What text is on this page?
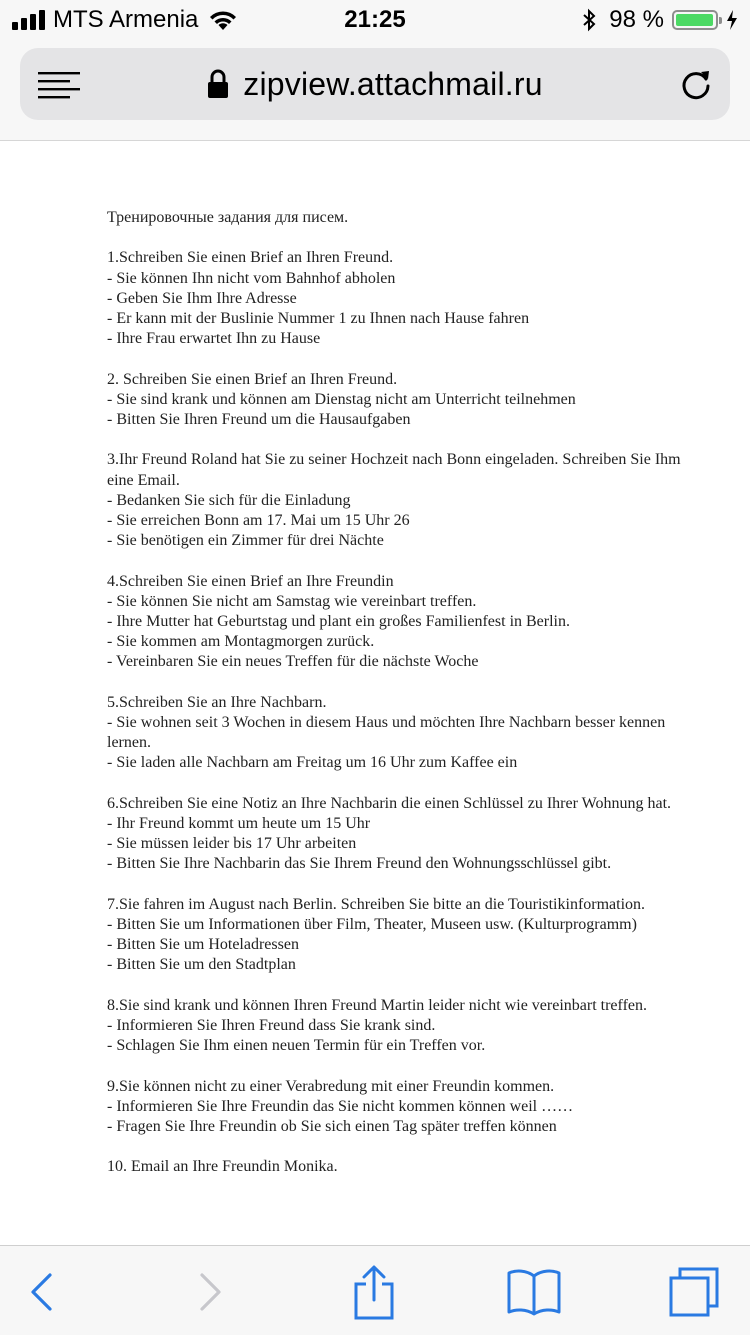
MTS Armenia	21:25	98 %
zipview.attachmail.ru
Тренировочные задания для писем.
1.Schreiben Sie einen Brief an Ihren Freund.
- Sie können Ihn nicht vom Bahnhof abholen
- Geben Sie Ihm Ihre Adresse
- Er kann mit der Buslinie Nummer 1 zu Ihnen nach Hause fahren
- Ihre Frau erwartet Ihn zu Hause
2. Schreiben Sie einen Brief an Ihren Freund.
- Sie sind krank und können am Dienstag nicht am Unterricht teilnehmen
- Bitten Sie Ihren Freund um die Hausaufgaben
3.Ihr Freund Roland hat Sie zu seiner Hochzeit nach Bonn eingeladen. Schreiben Sie Ihm eine Email.
- Bedanken Sie sich für die Einladung
- Sie erreichen Bonn am 17. Mai um 15 Uhr 26
- Sie benötigen ein Zimmer für drei Nächte
4.Schreiben Sie einen Brief an Ihre Freundin
- Sie können Sie nicht am Samstag wie vereinbart treffen.
- Ihre Mutter hat Geburtstag und plant ein großes Familienfest in Berlin.
- Sie kommen am Montagmorgen zurück.
- Vereinbaren Sie ein neues Treffen für die nächste Woche
5.Schreiben Sie an Ihre Nachbarn.
- Sie wohnen seit 3 Wochen in diesem Haus und möchten Ihre Nachbarn besser kennen lernen.
- Sie laden alle Nachbarn am Freitag um 16 Uhr zum Kaffee ein
6.Schreiben Sie eine Notiz an Ihre Nachbarin die einen Schlüssel zu Ihrer Wohnung hat.
- Ihr Freund kommt um heute um 15 Uhr
- Sie müssen leider bis 17 Uhr arbeiten
- Bitten Sie Ihre Nachbarin das Sie Ihrem Freund den Wohnungsschlüssel gibt.
7.Sie fahren im August nach Berlin. Schreiben Sie bitte an die Touristikinformation.
- Bitten Sie um Informationen über Film, Theater, Museen usw. (Kulturprogramm)
- Bitten Sie um Hoteladressen
- Bitten Sie um den Stadtplan
8.Sie sind krank und können Ihren Freund Martin leider nicht wie vereinbart treffen.
- Informieren Sie Ihren Freund dass Sie krank sind.
- Schlagen Sie Ihm einen neuen Termin für ein Treffen vor.
9.Sie können nicht zu einer Verabredung mit einer Freundin kommen.
- Informieren Sie Ihre Freundin das Sie nicht kommen können weil ……
- Fragen Sie Ihre Freundin ob Sie sich einen Tag später treffen können
10. Email an Ihre Freundin Monika.
